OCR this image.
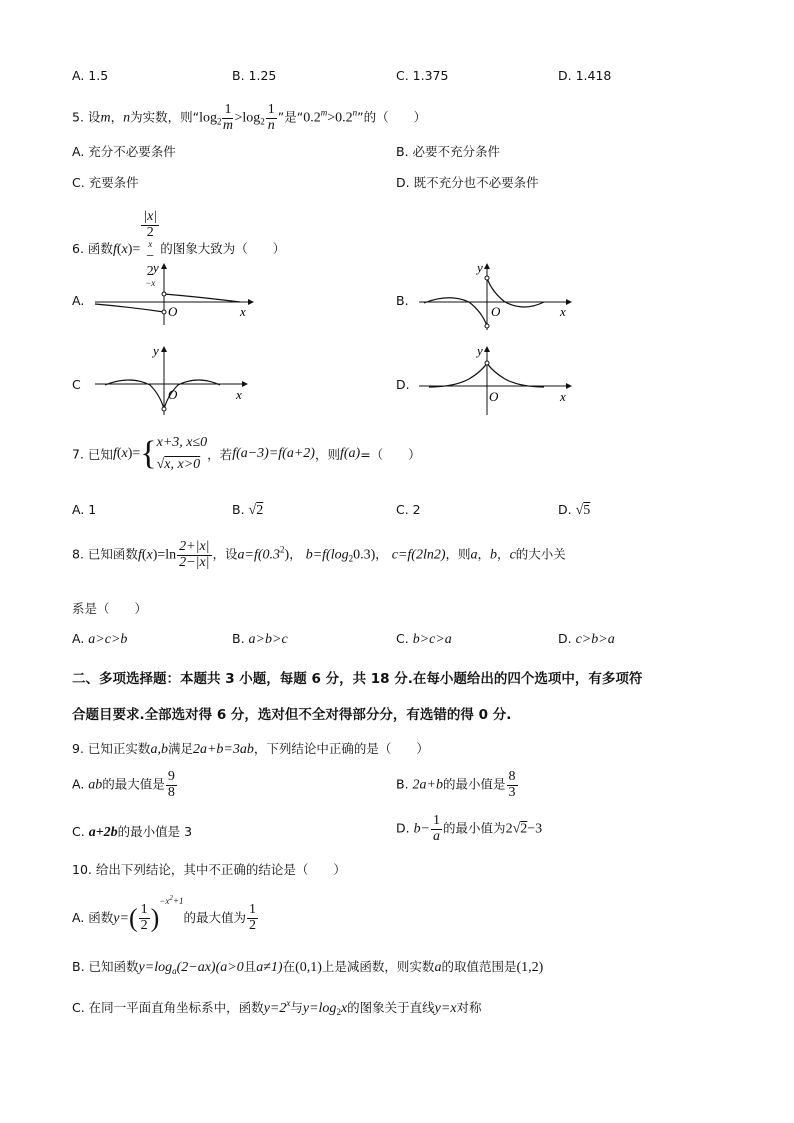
A. 1.5	B. 1.25	C. 1.375	D. 1.418
5. 设m，n为实数，则“$\log_2 \frac{1}{m} >\log_2 \frac{1}{n}$ ”是“$0.2^m>0.2^n$”的（　　）
A. 充分不必要条件	B. 必要不充分条件
C. 充要条件	D. 既不充分也不必要条件
6. 函数f(x)= |x|
2
x
−
2
−x 的图象大致为（　　）
A.
y
x
O
B.
y
x
O
C
y
x
O
D.
y
x
O
7. 已知f(x)={ x+3, x≤0
√x, x>0
，若f(a−3)=f(a+2)，则f(a)=（　　）
A. 1	B. √2	C. 2	D. √5
8. 已知函数$f(x)=\ln \frac{2+|x|}{2-|x|}$ ，设$a=f(0.3^2)$， $b=f(\log_20.3)$， c=f(2ln2)，则a，b，c的大小关
系是（　　）
A. a>c>b	B. a>b>c	C. b>c>a	D. c>b>a
二、多项选择题：本题共 3 小题，每题 6 分，共 18 分.在每小题给出的四个选项中，有多项符
合题目要求.全部选对得 6 分，选对但不全对得部分分，有选错的得 0 分.
9. 已知正实数a,b满足2a+b=3ab，下列结论中正确的是（　　）
A. ab的最大值是 $\frac{9}{8}$	B. 2a+b的最小值是 $\frac{8}{3}$
C. a+2b的最小值是 3	D. $b- \frac{1}{a}$ 的最小值为2√2−3
10. 给出下列结论，其中不正确的结论是（　　）
A. 函数$y=( \frac{1}{2} )^{-x^2+1}$的最大值为 $\frac{1}{2}$
B. 已知函数$y=\log_a(2-ax)(a>0$且a≠1)在(0,1)上是减函数，则实数a的取值范围是(1,2)
C. 在同一平面直角坐标系中，函数$y=2^x$与$y=\log_2x$的图象关于直线y=x对称
